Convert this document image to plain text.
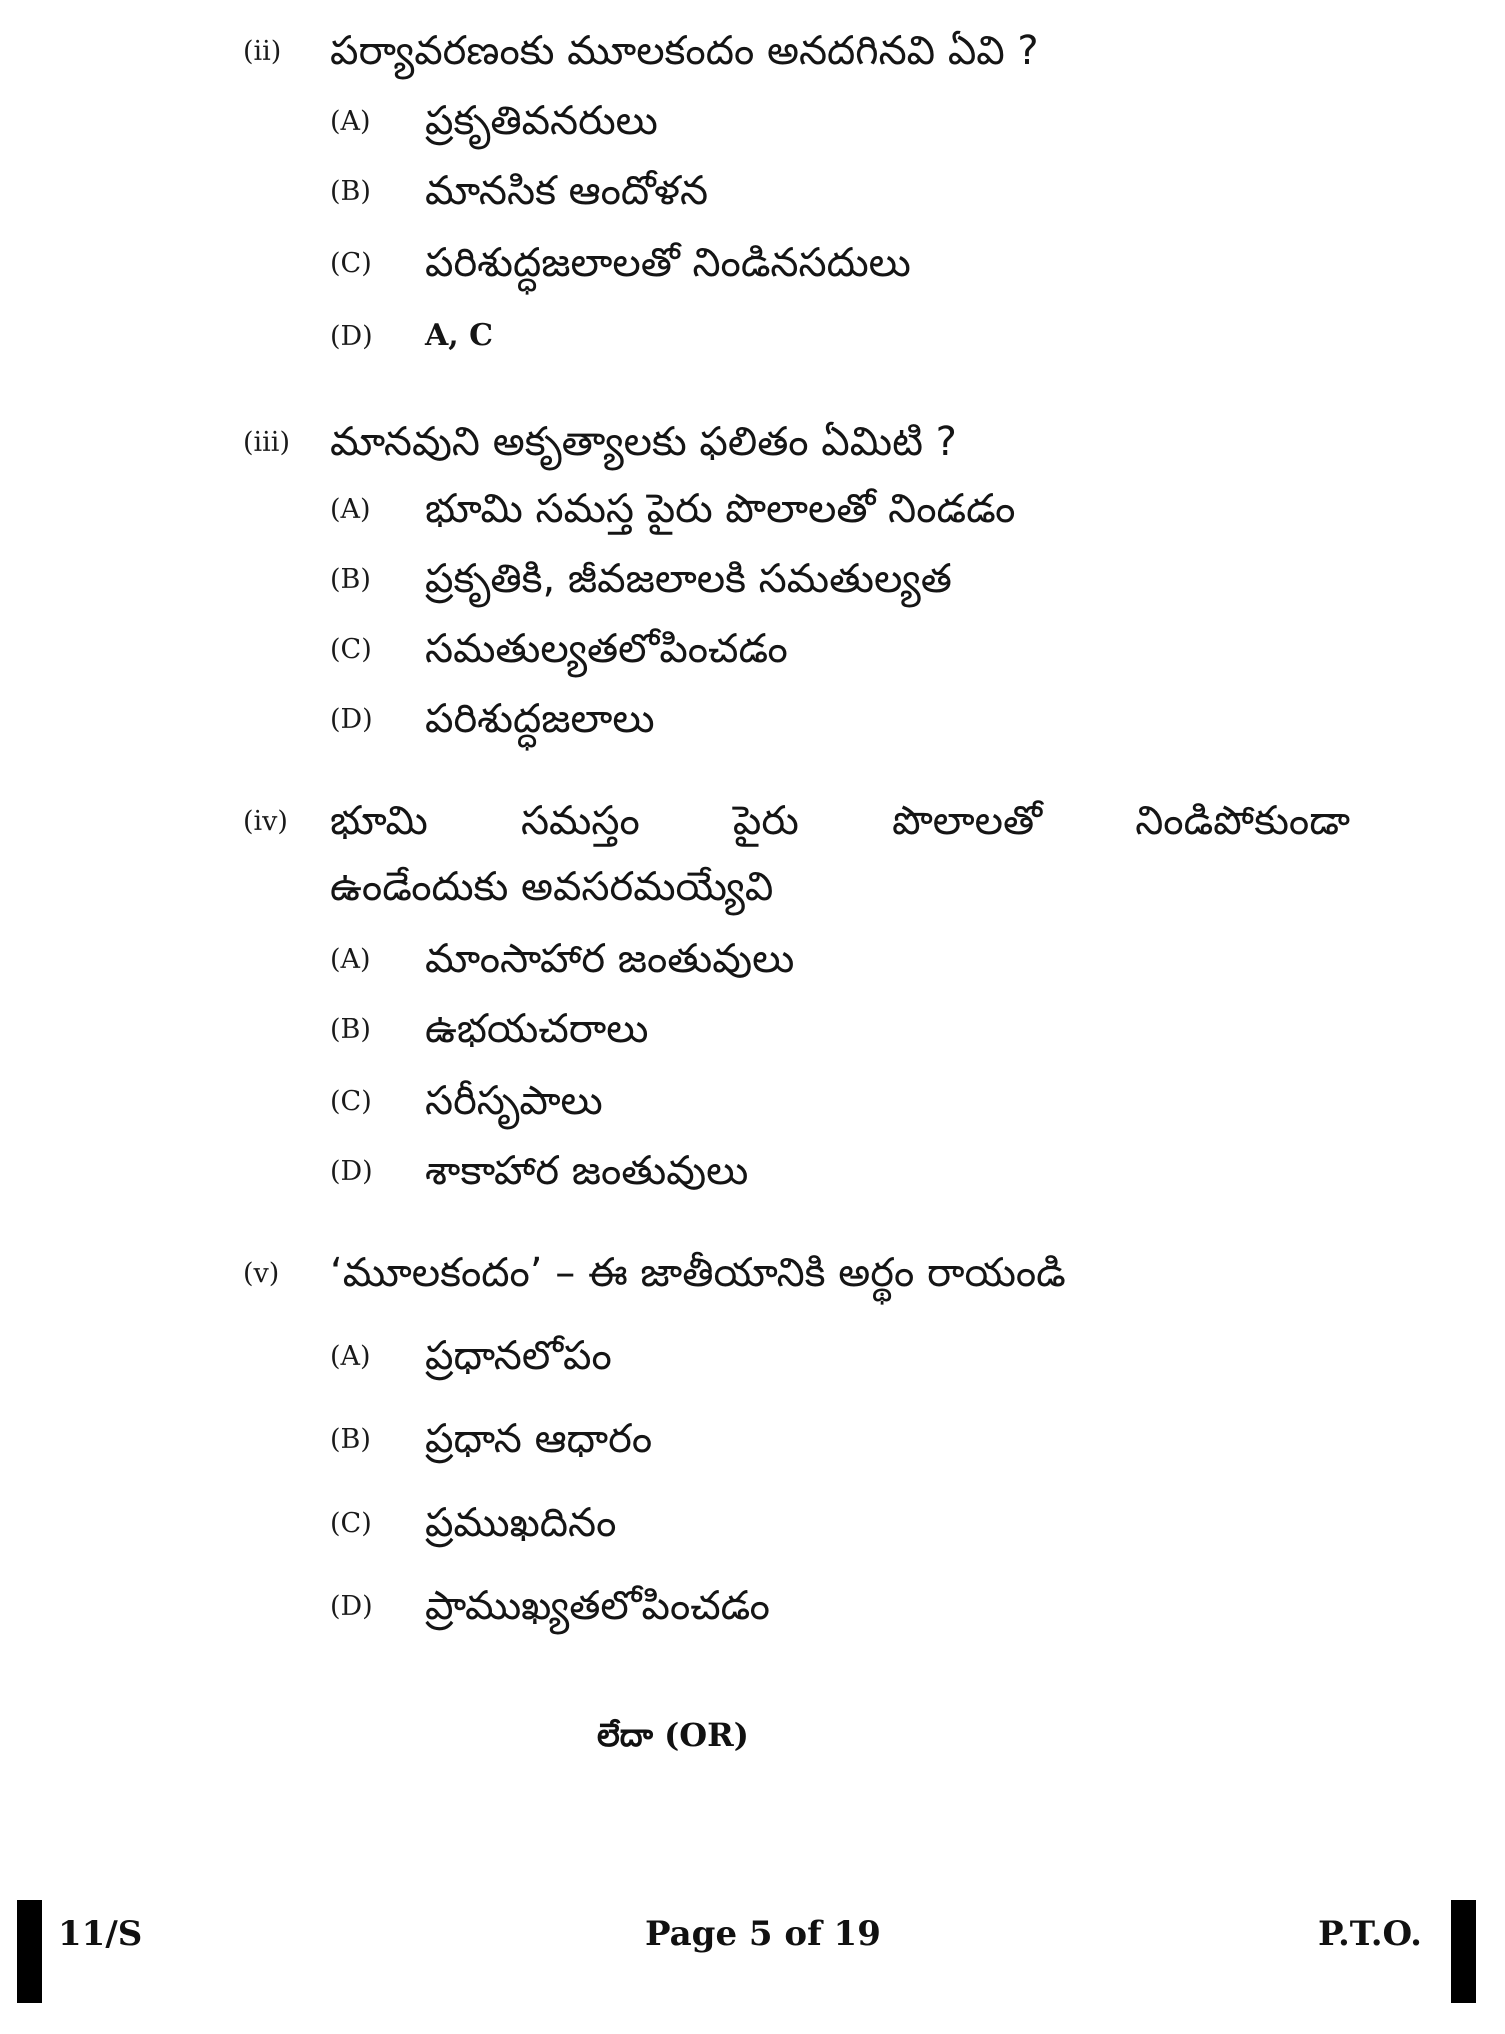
(ii) పర్యావరణంకు మూలకందం అనదగినవి ఏవి ?
(A) ప్రకృతివనరులు
(B) మానసిక ఆందోళన
(C) పరిశుద్ధజలాలతో నిండినసదులు
(D) A, C
(iii) మానవుని అకృత్యాలకు ఫలితం ఏమిటి ?
(A) భూమి సమస్త పైరు పొలాలతో నిండడం
(B) ప్రకృతికి, జీవజలాలకి సమతుల్యత
(C) సమతుల్యతలోపించడం
(D) పరిశుద్ధజలాలు
(iv) భూమి సమస్తం పైరు పొలాలతో నిండిపోకుండా
ఉండేందుకు అవసరమయ్యేవి
(A) మాంసాహార జంతువులు
(B) ఉభయచరాలు
(C) సరీసృపాలు
(D) శాకాహార జంతువులు
(v) ‘మూలకందం’ – ఈ జాతీయానికి అర్థం రాయండి
(A) ప్రధానలోపం
(B) ప్రధాన ఆధారం
(C) ప్రముఖదినం
(D) ప్రాముఖ్యతలోపించడం
లేదా (OR)
11/S	Page 5 of 19	P.T.O.
